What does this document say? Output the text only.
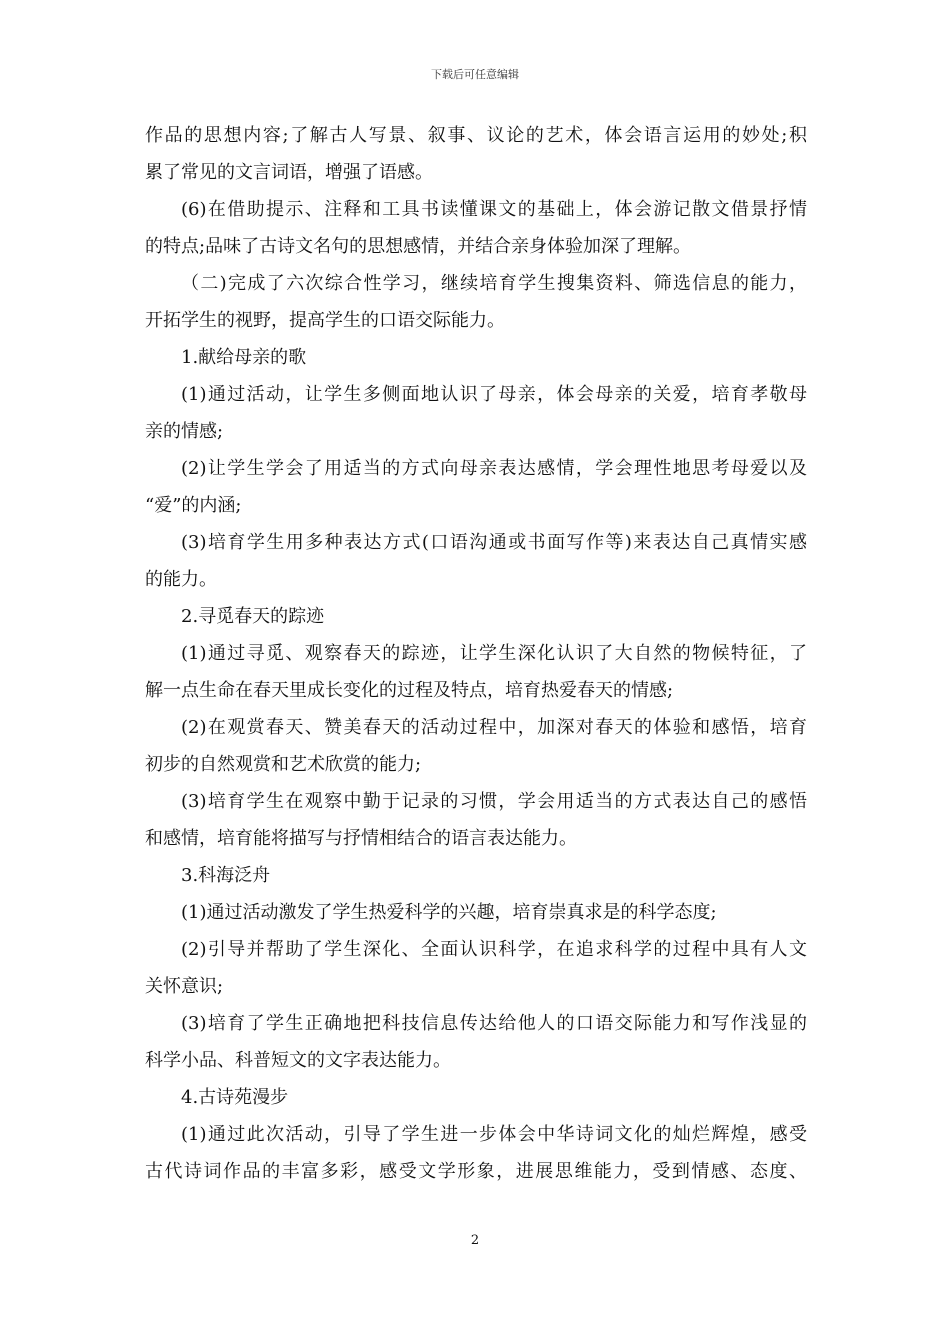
下载后可任意编辑
作品的思想内容;了解古人写景、叙事、议论的艺术，体会语言运用的妙处;积
累了常见的文言词语，增强了语感。
(6)在借助提示、注释和工具书读懂课文的基础上，体会游记散文借景抒情
的特点;品味了古诗文名句的思想感情，并结合亲身体验加深了理解。
（二)完成了六次综合性学习，继续培育学生搜集资料、筛选信息的能力，
开拓学生的视野，提高学生的口语交际能力。
1.献给母亲的歌
(1)通过活动，让学生多侧面地认识了母亲，体会母亲的关爱，培育孝敬母
亲的情感;
(2)让学生学会了用适当的方式向母亲表达感情，学会理性地思考母爱以及
“爱”的内涵;
(3)培育学生用多种表达方式(口语沟通或书面写作等)来表达自己真情实感
的能力。
2.寻觅春天的踪迹
(1)通过寻觅、观察春天的踪迹，让学生深化认识了大自然的物候特征，了
解一点生命在春天里成长变化的过程及特点，培育热爱春天的情感;
(2)在观赏春天、赞美春天的活动过程中，加深对春天的体验和感悟，培育
初步的自然观赏和艺术欣赏的能力;
(3)培育学生在观察中勤于记录的习惯，学会用适当的方式表达自己的感悟
和感情，培育能将描写与抒情相结合的语言表达能力。
3.科海泛舟
(1)通过活动激发了学生热爱科学的兴趣，培育崇真求是的科学态度;
(2)引导并帮助了学生深化、全面认识科学，在追求科学的过程中具有人文
关怀意识;
(3)培育了学生正确地把科技信息传达给他人的口语交际能力和写作浅显的
科学小品、科普短文的文字表达能力。
4.古诗苑漫步
(1)通过此次活动，引导了学生进一步体会中华诗词文化的灿烂辉煌，感受
古代诗词作品的丰富多彩，感受文学形象，进展思维能力，受到情感、态度、
2
